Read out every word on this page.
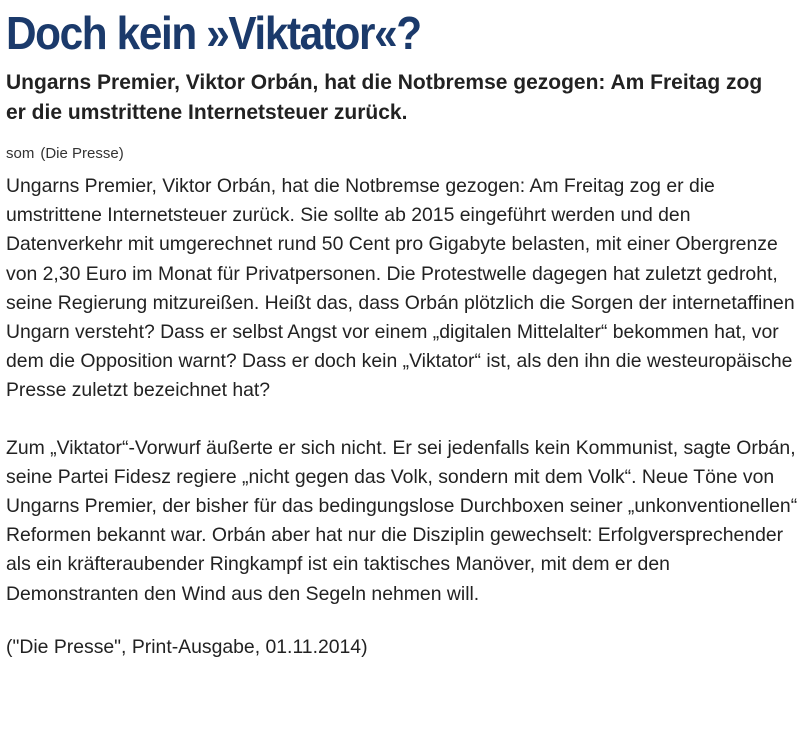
Doch kein »Viktator«?

Ungarns Premier, Viktor Orbán, hat die Notbremse gezogen: Am Freitag zog er die umstrittene Internetsteuer zurück.

som (Die Presse)

Ungarns Premier, Viktor Orbán, hat die Notbremse gezogen: Am Freitag zog er die umstrittene Internetsteuer zurück. Sie sollte ab 2015 eingeführt werden und den Datenverkehr mit umgerechnet rund 50 Cent pro Gigabyte belasten, mit einer Obergrenze von 2,30 Euro im Monat für Privatpersonen. Die Protestwelle dagegen hat zuletzt gedroht, seine Regierung mitzureißen. Heißt das, dass Orbán plötzlich die Sorgen der internetaffinen Ungarn versteht? Dass er selbst Angst vor einem „digitalen Mittelalter“ bekommen hat, vor dem die Opposition warnt? Dass er doch kein „Viktator“ ist, als den ihn die westeuropäische Presse zuletzt bezeichnet hat?

Zum „Viktator“-Vorwurf äußerte er sich nicht. Er sei jedenfalls kein Kommunist, sagte Orbán, seine Partei Fidesz regiere „nicht gegen das Volk, sondern mit dem Volk“. Neue Töne von Ungarns Premier, der bisher für das bedingungslose Durchboxen seiner „unkonventionellen“ Reformen bekannt war. Orbán aber hat nur die Disziplin gewechselt: Erfolgversprechender als ein kräfteraubender Ringkampf ist ein taktisches Manöver, mit dem er den Demonstranten den Wind aus den Segeln nehmen will.

("Die Presse", Print-Ausgabe, 01.11.2014)
